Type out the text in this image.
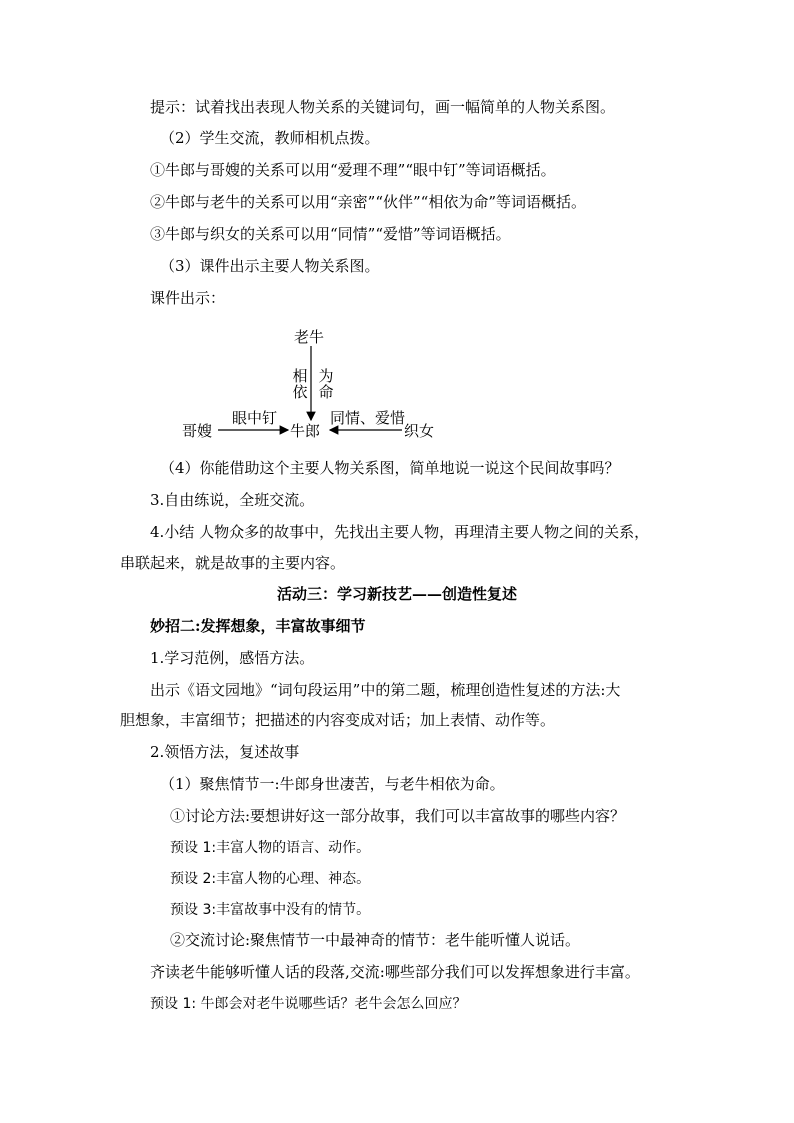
提示：试着找出表现人物关系的关键词句，画一幅简单的人物关系图。
（2）学生交流，教师相机点拨。
①牛郎与哥嫂的关系可以用“爱理不理”“眼中钉”等词语概括。
②牛郎与老牛的关系可以用“亲密”“伙伴”“相依为命”等词语概括。
③牛郎与织女的关系可以用“同情”“爱惜”等词语概括。
（3）课件出示主要人物关系图。
课件出示：
老牛
相依
为命
眼中钉	同情、爱惜
哥嫂	牛郎	织女
（4）你能借助这个主要人物关系图，简单地说一说这个民间故事吗？
3.自由练说，全班交流。
4.小结 人物众多的故事中，先找出主要人物，再理清主要人物之间的关系，
串联起来，就是故事的主要内容。
活动三：学习新技艺——创造性复述
妙招二:发挥想象，丰富故事细节
1.学习范例，感悟方法。
出示《语文园地》“词句段运用”中的第二题，梳理创造性复述的方法:大
胆想象，丰富细节；把描述的内容变成对话；加上表情、动作等。
2.领悟方法，复述故事
（1）聚焦情节一:牛郎身世凄苦，与老牛相依为命。
①讨论方法:要想讲好这一部分故事，我们可以丰富故事的哪些内容？
预设 1:丰富人物的语言、动作。
预设 2:丰富人物的心理、神态。
预设 3:丰富故事中没有的情节。
②交流讨论:聚焦情节一中最神奇的情节：老牛能听懂人说话。
齐读老牛能够听懂人话的段落,交流:哪些部分我们可以发挥想象进行丰富。
预设 1: 牛郎会对老牛说哪些话？老牛会怎么回应？
